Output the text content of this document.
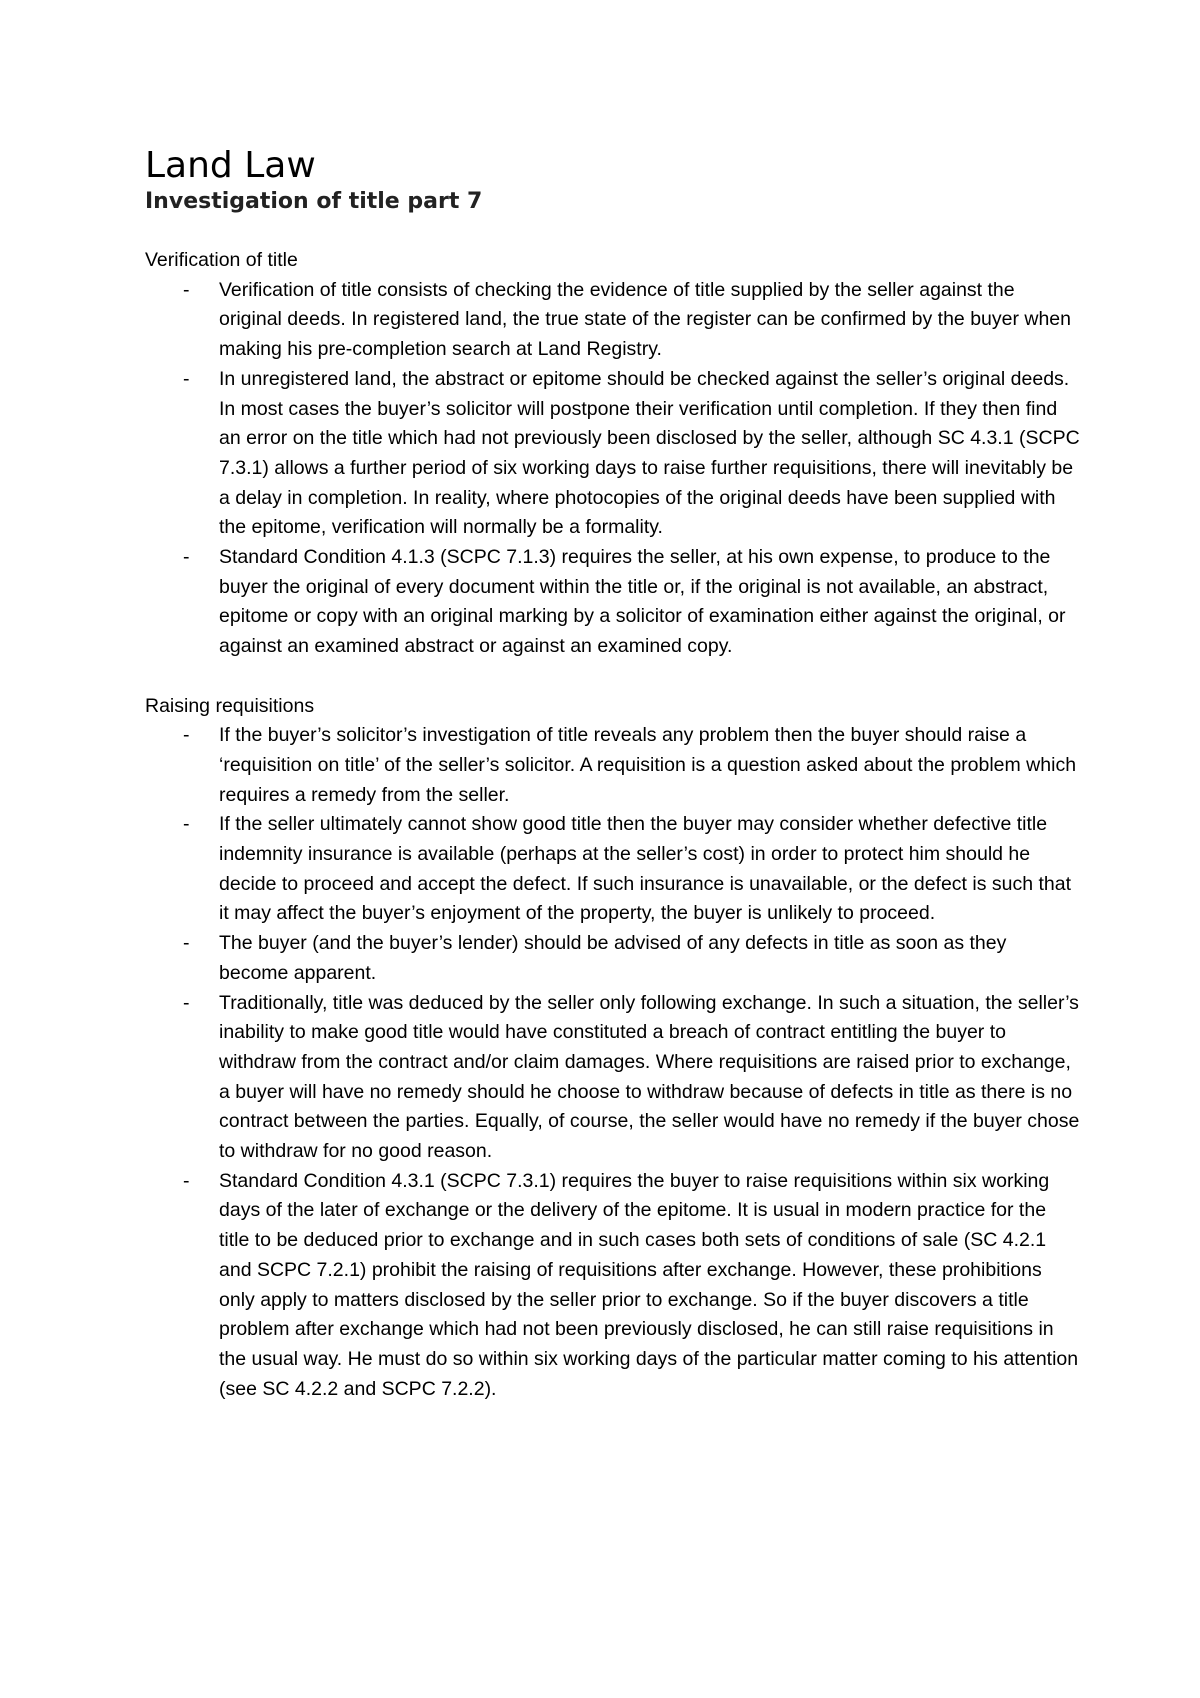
Land Law
Investigation of title part 7
Verification of title
- Verification of title consists of checking the evidence of title supplied by the seller against the original deeds. In registered land, the true state of the register can be confirmed by the buyer when making his pre-completion search at Land Registry.
- In unregistered land, the abstract or epitome should be checked against the seller’s original deeds. In most cases the buyer’s solicitor will postpone their verification until completion. If they then find an error on the title which had not previously been disclosed by the seller, although SC 4.3.1 (SCPC 7.3.1) allows a further period of six working days to raise further requisitions, there will inevitably be a delay in completion. In reality, where photocopies of the original deeds have been supplied with the epitome, verification will normally be a formality.
- Standard Condition 4.1.3 (SCPC 7.1.3) requires the seller, at his own expense, to produce to the buyer the original of every document within the title or, if the original is not available, an abstract, epitome or copy with an original marking by a solicitor of examination either against the original, or against an examined abstract or against an examined copy.
Raising requisitions
- If the buyer’s solicitor’s investigation of title reveals any problem then the buyer should raise a ‘requisition on title’ of the seller’s solicitor. A requisition is a question asked about the problem which requires a remedy from the seller.
- If the seller ultimately cannot show good title then the buyer may consider whether defective title indemnity insurance is available (perhaps at the seller’s cost) in order to protect him should he decide to proceed and accept the defect. If such insurance is unavailable, or the defect is such that it may affect the buyer’s enjoyment of the property, the buyer is unlikely to proceed.
- The buyer (and the buyer’s lender) should be advised of any defects in title as soon as they become apparent.
- Traditionally, title was deduced by the seller only following exchange. In such a situation, the seller’s inability to make good title would have constituted a breach of contract entitling the buyer to withdraw from the contract and/or claim damages. Where requisitions are raised prior to exchange, a buyer will have no remedy should he choose to withdraw because of defects in title as there is no contract between the parties. Equally, of course, the seller would have no remedy if the buyer chose to withdraw for no good reason.
- Standard Condition 4.3.1 (SCPC 7.3.1) requires the buyer to raise requisitions within six working days of the later of exchange or the delivery of the epitome. It is usual in modern practice for the title to be deduced prior to exchange and in such cases both sets of conditions of sale (SC 4.2.1 and SCPC 7.2.1) prohibit the raising of requisitions after exchange. However, these prohibitions only apply to matters disclosed by the seller prior to exchange. So if the buyer discovers a title problem after exchange which had not been previously disclosed, he can still raise requisitions in the usual way. He must do so within six working days of the particular matter coming to his attention (see SC 4.2.2 and SCPC 7.2.2).
